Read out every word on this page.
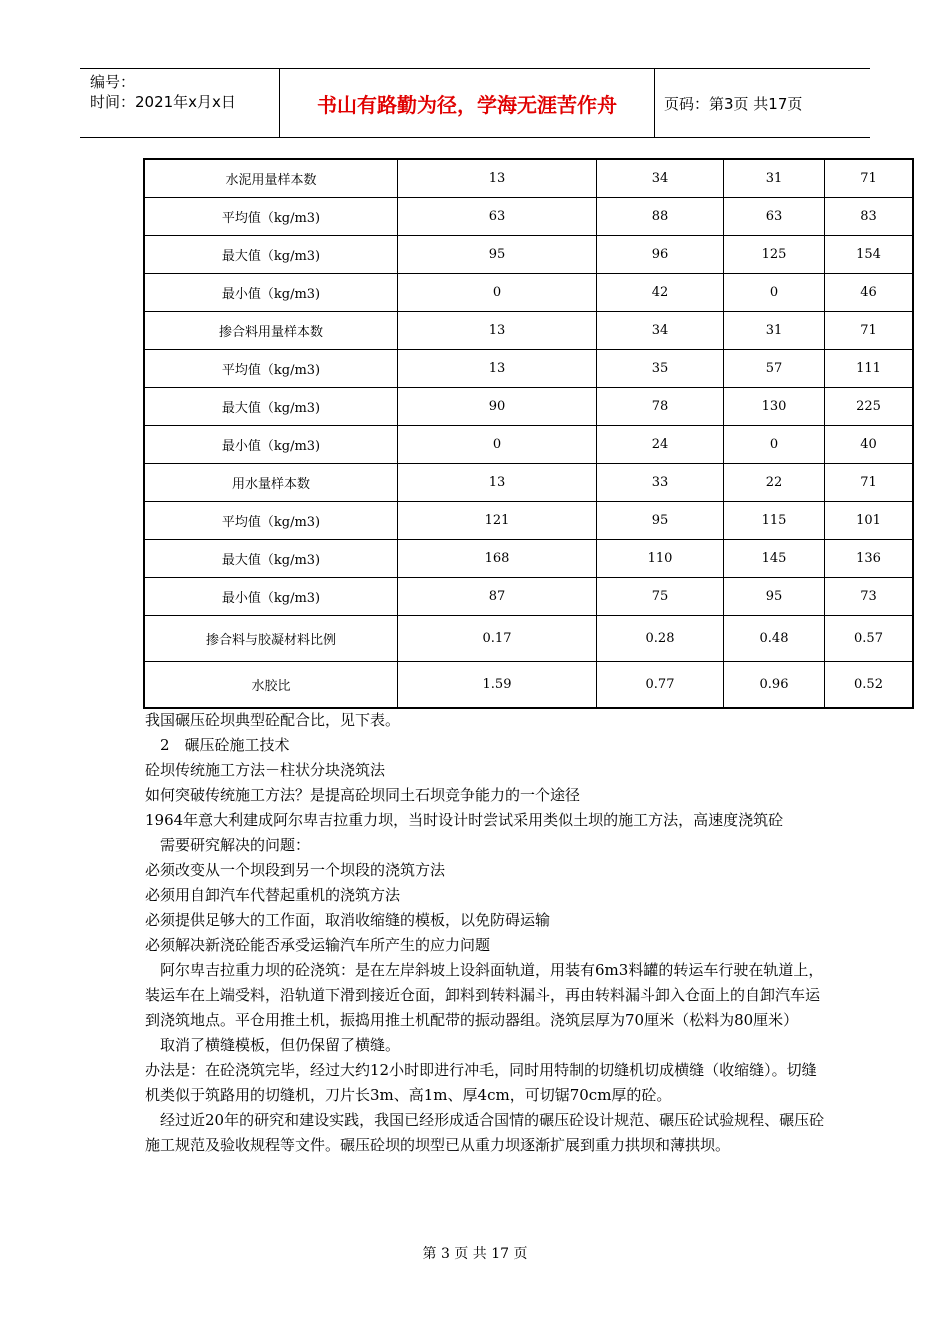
编号：
时间：2021年x月x日	书山有路勤为径，学海无涯苦作舟	页码：第3页 共17页
水泥用量样本数	13	34	31	71
平均值（kg/m3)	63	88	63	83
最大值（kg/m3)	95	96	125	154
最小值（kg/m3)	0	42	0	46
掺合料用量样本数	13	34	31	71
平均值（kg/m3)	13	35	57	111
最大值（kg/m3)	90	78	130	225
最小值（kg/m3)	0	24	0	40
用水量样本数	13	33	22	71
平均值（kg/m3)	121	95	115	101
最大值（kg/m3)	168	110	145	136
最小值（kg/m3)	87	75	95	73
掺合料与胶凝材料比例	0.17	0.28	0.48	0.57
水胶比	1.59	0.77	0.96	0.52

我国碾压砼坝典型砼配合比，见下表。

　2　碾压砼施工技术

砼坝传统施工方法－柱状分块浇筑法

如何突破传统施工方法？是提高砼坝同土石坝竞争能力的一个途径

1964年意大利建成阿尔卑吉拉重力坝，当时设计时尝试采用类似土坝的施工方法，高速度浇筑砼

　需要研究解决的问题：

必须改变从一个坝段到另一个坝段的浇筑方法

必须用自卸汽车代替起重机的浇筑方法

必须提供足够大的工作面，取消收缩缝的模板，以免防碍运输

必须解决新浇砼能否承受运输汽车所产生的应力问题

　阿尔卑吉拉重力坝的砼浇筑：是在左岸斜坡上设斜面轨道，用装有6m3料罐的转运车行驶在轨道上，装运车在上端受料，沿轨道下滑到接近仓面，卸料到转料漏斗，再由转料漏斗卸入仓面上的自卸汽车运到浇筑地点。平仓用推土机，振捣用推土机配带的振动器组。浇筑层厚为70厘米（松料为80厘米）

　取消了横缝模板，但仍保留了横缝。

办法是：在砼浇筑完毕，经过大约12小时即进行冲毛，同时用特制的切缝机切成横缝（收缩缝）。切缝机类似于筑路用的切缝机，刀片长3m、高1m、厚4cm，可切锯70cm厚的砼。

　经过近20年的研究和建设实践，我国已经形成适合国情的碾压砼设计规范、碾压砼试验规程、碾压砼施工规范及验收规程等文件。碾压砼坝的坝型已从重力坝逐渐扩展到重力拱坝和薄拱坝。

第 3 页 共 17 页
